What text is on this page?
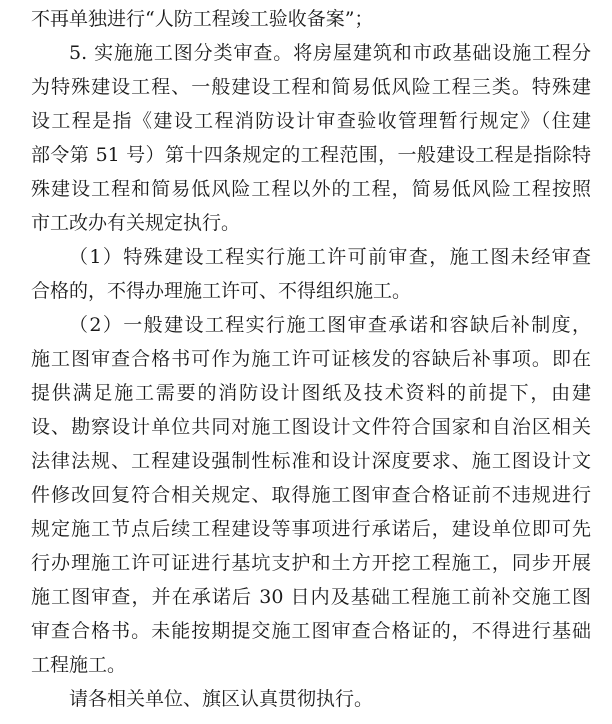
不再单独进行“人防工程竣工验收备案”；
5. 实施施工图分类审查。将房屋建筑和市政基础设施工程分
为特殊建设工程、一般建设工程和简易低风险工程三类。特殊建
设工程是指《建设工程消防设计审查验收管理暂行规定》（住建
部令第 51 号）第十四条规定的工程范围，一般建设工程是指除特
殊建设工程和简易低风险工程以外的工程，简易低风险工程按照
市工改办有关规定执行。
（1）特殊建设工程实行施工许可前审查，施工图未经审查
合格的，不得办理施工许可、不得组织施工。
（2）一般建设工程实行施工图审查承诺和容缺后补制度，
施工图审查合格书可作为施工许可证核发的容缺后补事项。即在
提供满足施工需要的消防设计图纸及技术资料的前提下，由建
设、勘察设计单位共同对施工图设计文件符合国家和自治区相关
法律法规、工程建设强制性标准和设计深度要求、施工图设计文
件修改回复符合相关规定、取得施工图审查合格证前不违规进行
规定施工节点后续工程建设等事项进行承诺后，建设单位即可先
行办理施工许可证进行基坑支护和土方开挖工程施工，同步开展
施工图审查，并在承诺后 30 日内及基础工程施工前补交施工图
审查合格书。未能按期提交施工图审查合格证的，不得进行基础
工程施工。
请各相关单位、旗区认真贯彻执行。
